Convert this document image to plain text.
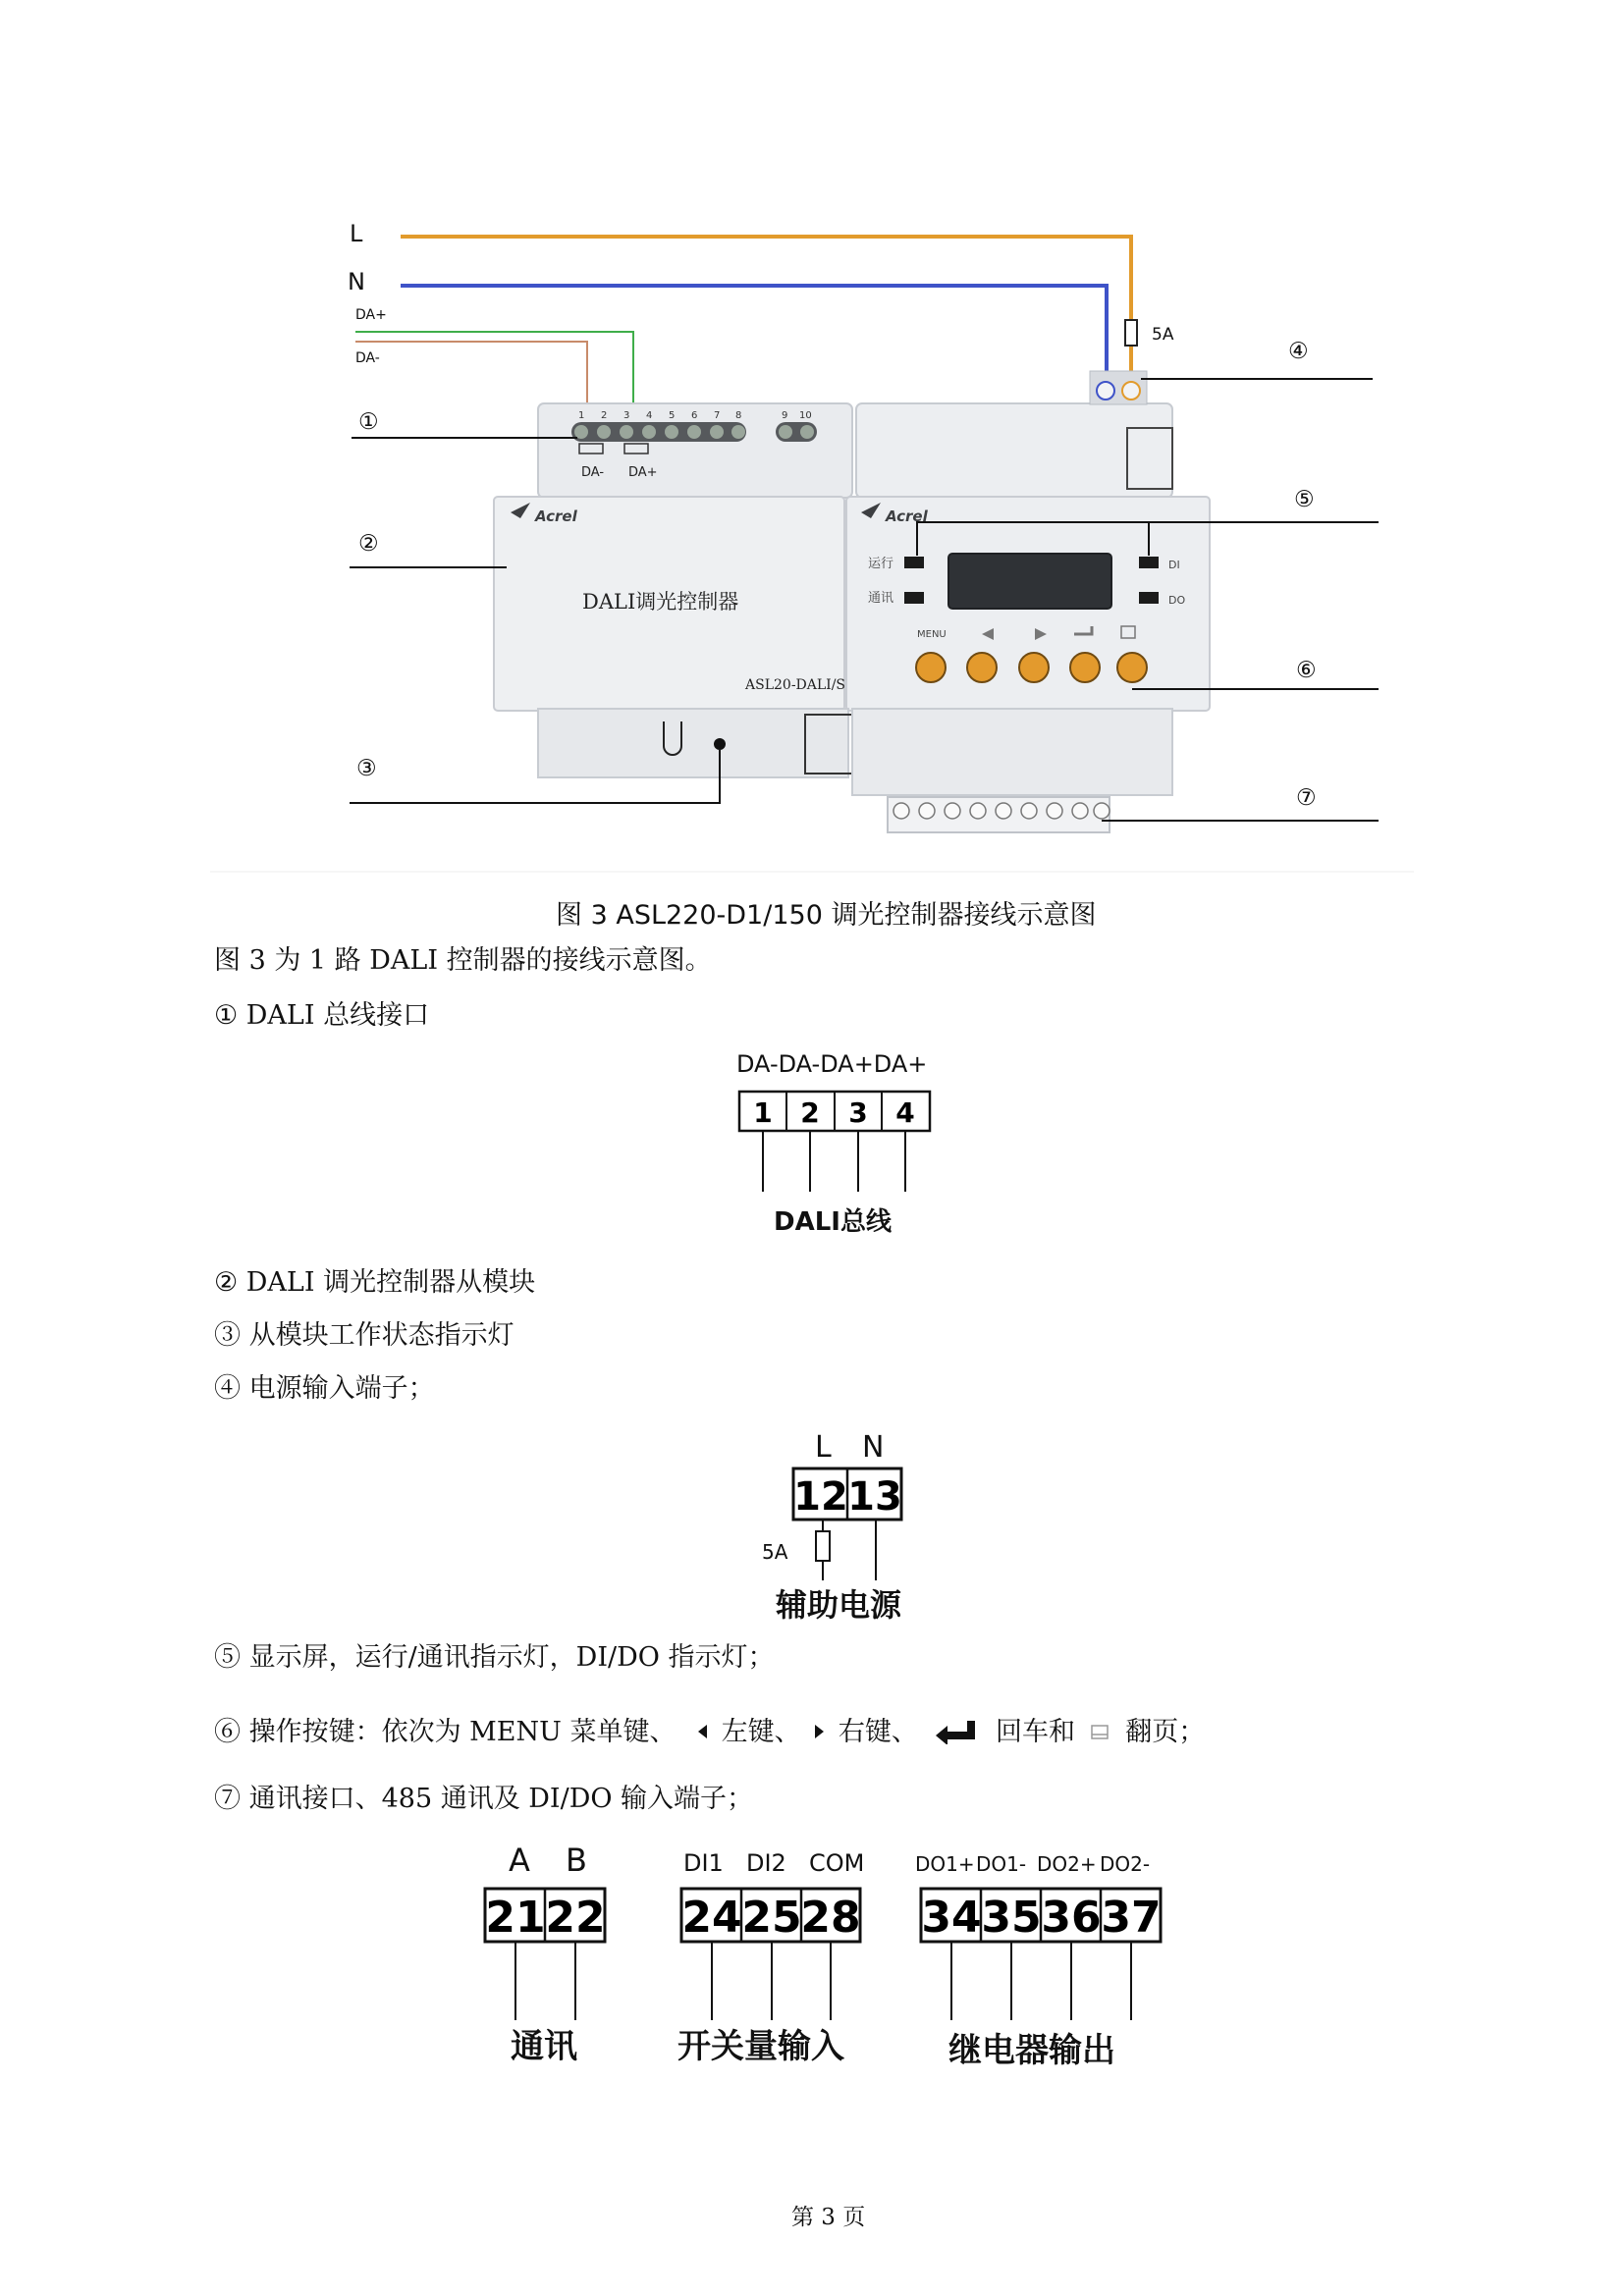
5A
L
N
DA+
DA-
1 2 3 4 5 6 7 8	9 10
DA- DA+
Acrel
DALI调光控制器
ASL20-DALI/S
Acrel
运行
通讯
DI
DO
MENU
①
②
③
④
⑤
⑥
⑦
图 3 ASL220-D1/150 调光控制器接线示意图
图 3 为 1 路 DALI 控制器的接线示意图。
① DALI 总线接口
DA-DA-DA+DA+
1 2 3 4
DALI总线
② DALI 调光控制器从模块
③ 从模块工作状态指示灯
④ 电源输入端子；
L N
12 13
5A
辅助电源
⑤ 显示屏，运行/通讯指示灯，DI/DO 指示灯；
⑥ 操作按键：依次为 MENU 菜单键、 左键、 右键、	回车和 翻页；
⑦ 通讯接口、485 通讯及 DI/DO 输入端子；
A B
21 22
通讯
DI1 DI2 COM
24 25
28
开关量输入
DO1+ DO1- DO2+ DO2-
34 35 36 37
继电器输出
第 3 页
